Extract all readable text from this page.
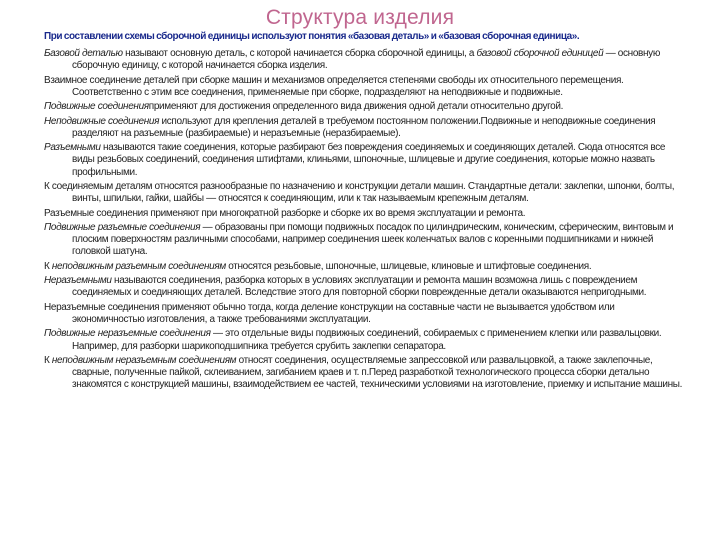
Структура изделия
При составлении схемы сборочной единицы используют понятия «базовая деталь» и «базовая сборочная единица».

Базовой деталью называют основную деталь, с которой начинается сборка сборочной единицы, а базовой сборочной единицей — основную сборочную единицу, с которой начинается сборка изделия.

Взаимное соединение деталей при сборке машин и механизмов определяется степенями свободы их относительного перемещения. Соответственно с этим все соединения, применяемые при сборке, подразделяют на неподвижные и подвижные.

Подвижные соединенияприменяют для достижения определенного вида движения одной детали относительно другой.

Неподвижные соединения используют для крепления деталей в требуемом постоянном положении.Подвижные и неподвижные соединения разделяют на разъемные (разбираемые) и неразъемные (неразбираемые).

Разъемными называются такие соединения, которые разбирают без повреждения соединяемых и соединяющих деталей. Сюда относятся все виды резьбовых соединений, соединения штифтами, клиньями, шпоночные, шлицевые и другие соединения, которые можно назвать профильными.

К соединяемым деталям относятся разнообразные по назначению и конструкции детали машин. Стандартные детали: заклепки, шпонки, болты, винты, шпильки, гайки, шайбы — относятся к соединяющим, или к так называемым крепежным деталям.

Разъемные соединения применяют при многократной разборке и сборке их во время эксплуатации и ремонта.

Подвижные разъемные соединения — образованы при помощи подвижных посадок по цилиндрическим, коническим, сферическим, винтовым и плоским поверхностям различными способами, например соединения шеек коленчатых валов с коренными подшипниками и нижней головкой шатуна.

К неподвижным разъемным соединениям относятся резьбовые, шпоночные, шлицевые, клиновые и штифтовые соединения.

Неразъемными называются соединения, разборка которых в условиях эксплуатации и ремонта машин возможна лишь с повреждением соединяемых и соединяющих деталей. Вследствие этого для повторной сборки поврежденные детали оказываются непригодными.

Неразъемные соединения применяют обычно тогда, когда деление конструкции на составные части не вызывается удобством или экономичностью изготовления, а также требованиями эксплуатации.

Подвижные неразъемные соединения — это отдельные виды подвижных соединений, собираемых с применением клепки или развальцовки. Например, для разборки шарикоподшипника требуется срубить заклепки сепаратора.

К неподвижным неразъемным соединениям относят соединения, осуществляемые запрессовкой или развальцовкой, а также заклепочные, сварные, полученные пайкой, склеиванием, загибанием краев и т. п.Перед разработкой технологического процесса сборки детально знакомятся с конструкцией машины, взаимодействием ее частей, техническими условиями на изготовление, приемку и испытание машины.
